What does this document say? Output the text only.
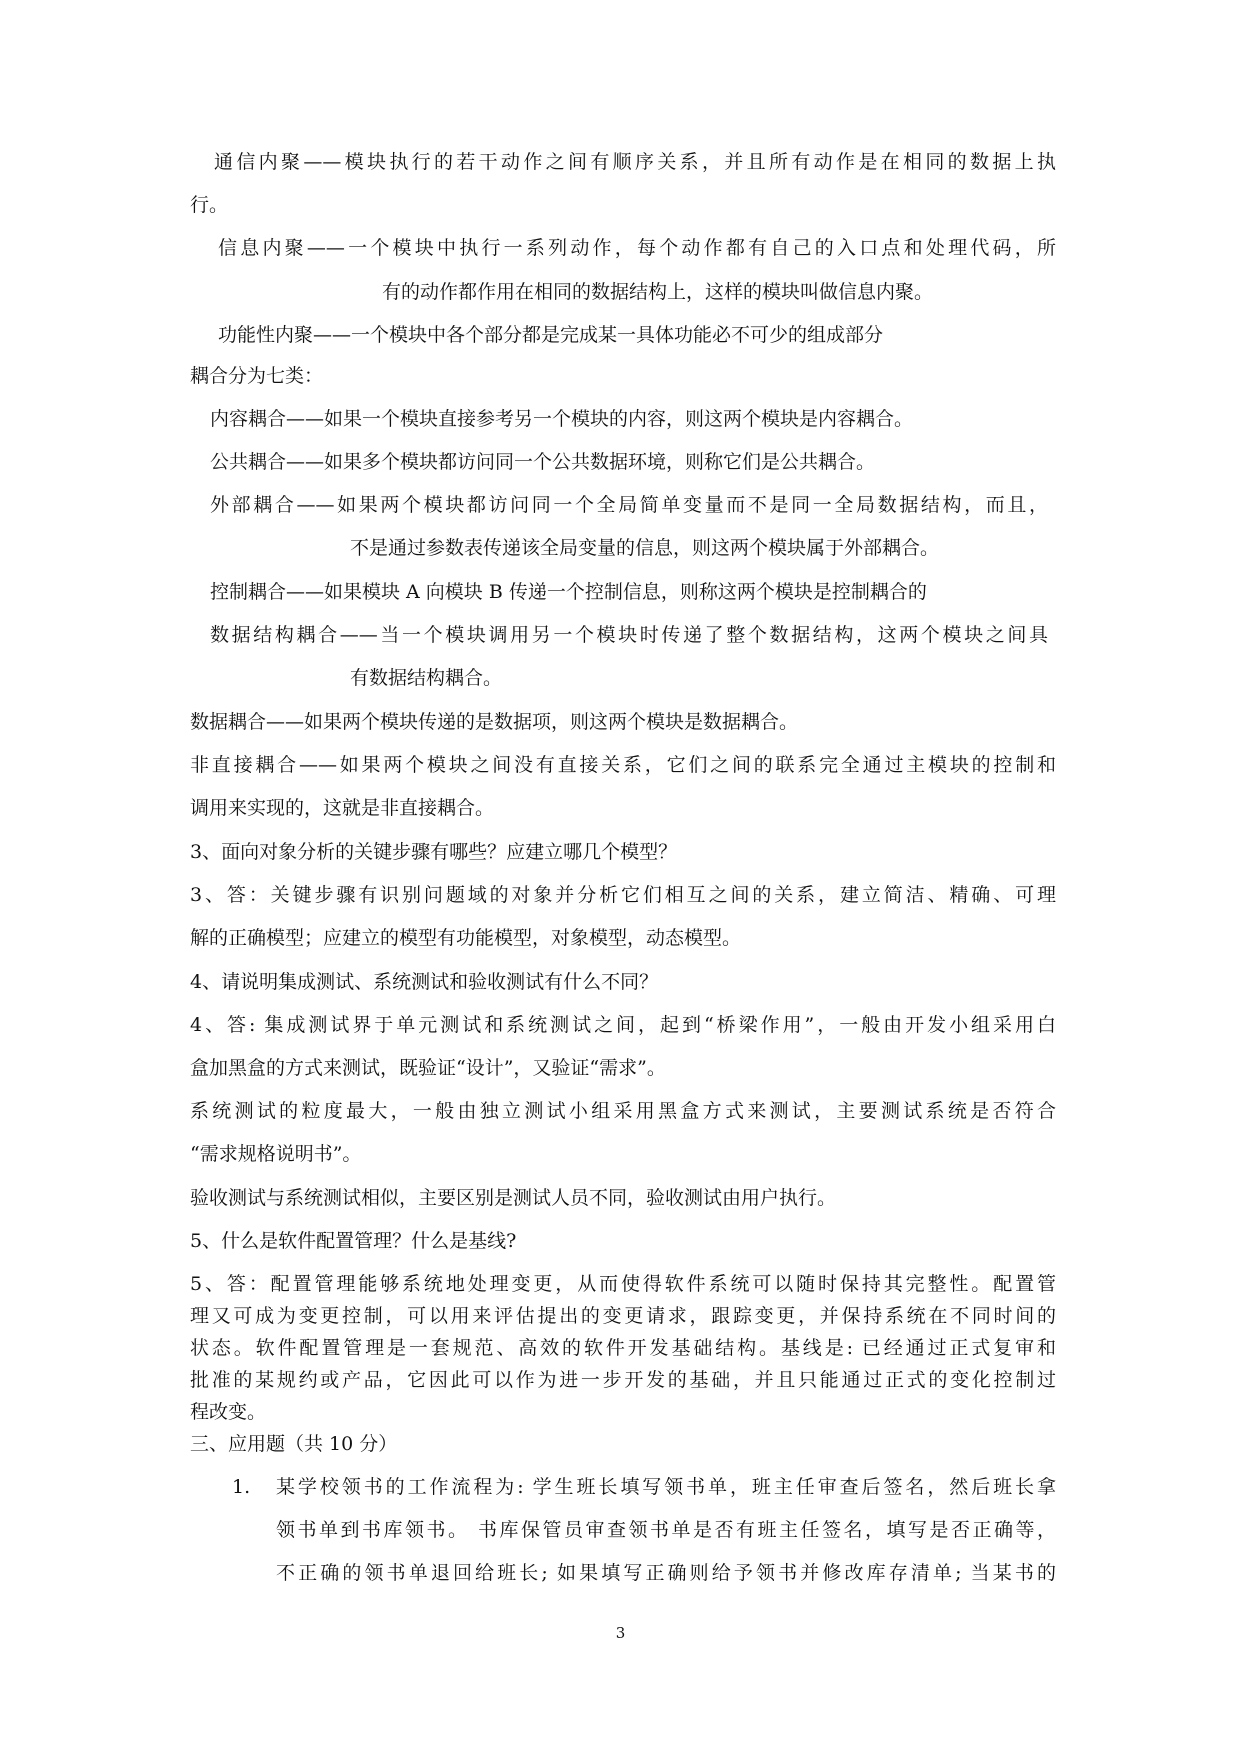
通信内聚——模块执行的若干动作之间有顺序关系，并且所有动作是在相同的数据上执
行。
信息内聚——一个模块中执行一系列动作，每个动作都有自己的入口点和处理代码，所
有的动作都作用在相同的数据结构上，这样的模块叫做信息内聚。
功能性内聚——一个模块中各个部分都是完成某一具体功能必不可少的组成部分
耦合分为七类：
内容耦合——如果一个模块直接参考另一个模块的内容，则这两个模块是内容耦合。
公共耦合——如果多个模块都访问同一个公共数据环境，则称它们是公共耦合。
外部耦合——如果两个模块都访问同一个全局简单变量而不是同一全局数据结构，而且，
不是通过参数表传递该全局变量的信息，则这两个模块属于外部耦合。
控制耦合——如果模块 A 向模块 B 传递一个控制信息，则称这两个模块是控制耦合的
数据结构耦合——当一个模块调用另一个模块时传递了整个数据结构，这两个模块之间具
有数据结构耦合。
数据耦合——如果两个模块传递的是数据项，则这两个模块是数据耦合。
非直接耦合——如果两个模块之间没有直接关系，它们之间的联系完全通过主模块的控制和
调用来实现的，这就是非直接耦合。
3、面向对象分析的关键步骤有哪些？应建立哪几个模型？
3、答：关键步骤有识别问题域的对象并分析它们相互之间的关系，建立简洁、精确、可理
解的正确模型；应建立的模型有功能模型，对象模型，动态模型。
4、请说明集成测试、系统测试和验收测试有什么不同？
4、答: 集成测试界于单元测试和系统测试之间，起到“桥梁作用”，一般由开发小组采用白
盒加黑盒的方式来测试，既验证“设计”，又验证“需求”。
系统测试的粒度最大，一般由独立测试小组采用黑盒方式来测试，主要测试系统是否符合
“需求规格说明书”。
验收测试与系统测试相似，主要区别是测试人员不同，验收测试由用户执行。
5、什么是软件配置管理？什么是基线?
5、答：配置管理能够系统地处理变更，从而使得软件系统可以随时保持其完整性。配置管
理又可成为变更控制，可以用来评估提出的变更请求，跟踪变更，并保持系统在不同时间的
状态。软件配置管理是一套规范、高效的软件开发基础结构。基线是: 已经通过正式复审和
批准的某规约或产品，它因此可以作为进一步开发的基础，并且只能通过正式的变化控制过
程改变。
三、应用题（共 10 分）
1. 某学校领书的工作流程为: 学生班长填写领书单，班主任审查后签名，然后班长拿
领书单到书库领书。 书库保管员审查领书单是否有班主任签名，填写是否正确等，
不正确的领书单退回给班长; 如果填写正确则给予领书并修改库存清单; 当某书的
3
